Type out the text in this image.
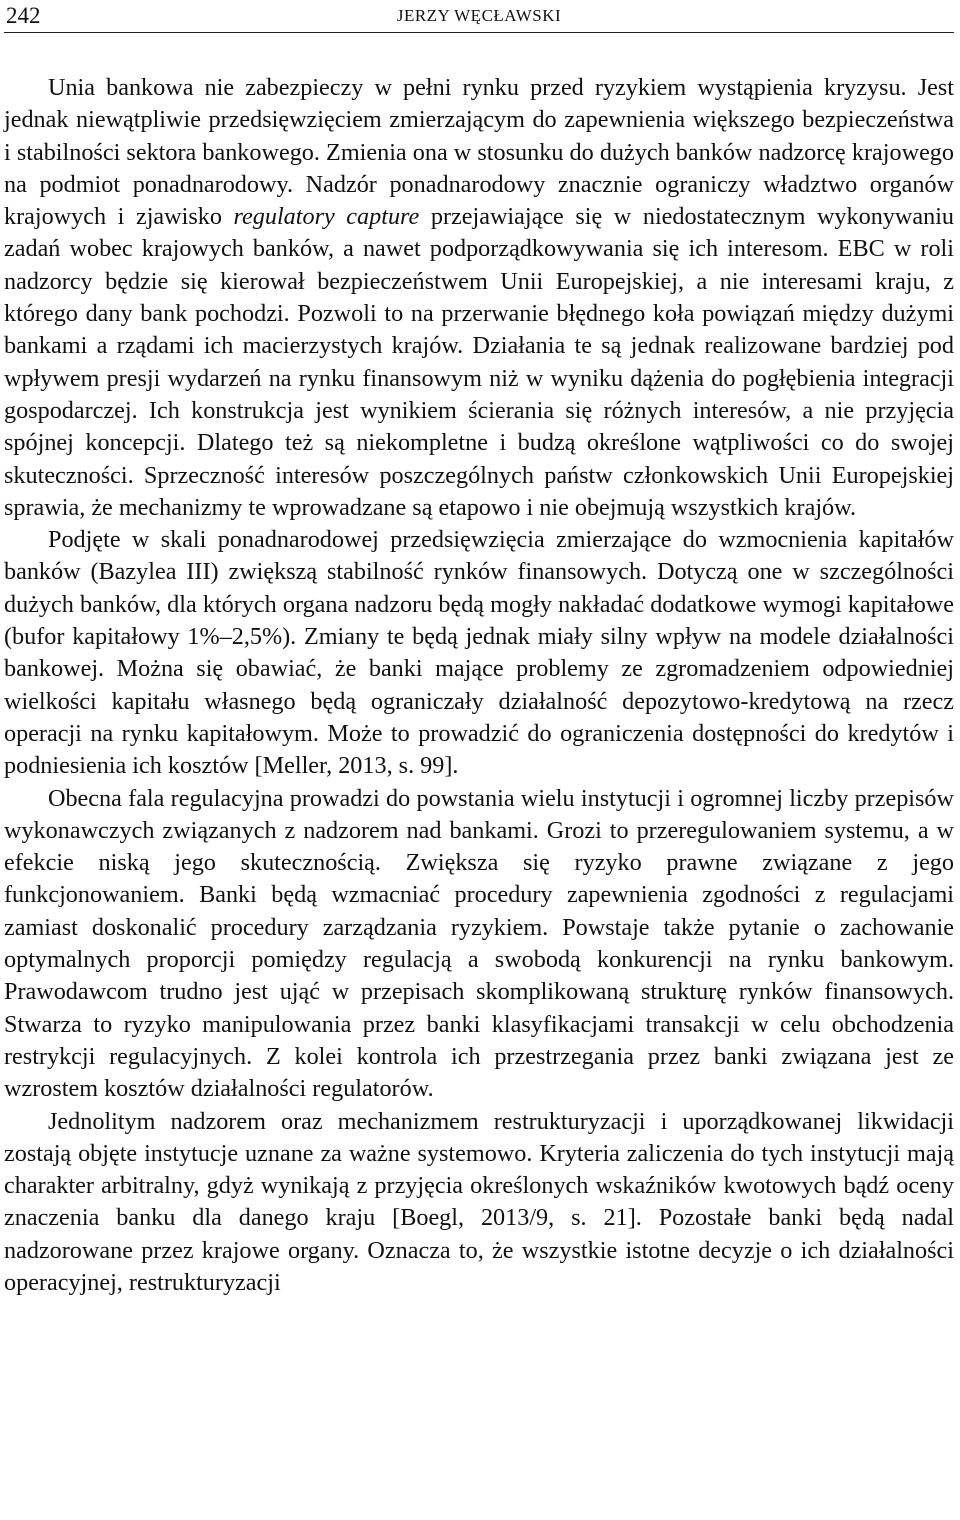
242	JERZY WĘCŁAWSKI

Unia bankowa nie zabezpieczy w pełni rynku przed ryzykiem wystąpienia kryzysu. Jest jednak niewątpliwie przedsięwzięciem zmierzającym do zapewnienia większego bezpieczeństwa i stabilności sektora bankowego. Zmienia ona w stosunku do dużych banków nadzorcę krajowego na podmiot ponadnarodowy. Nadzór ponadnarodowy znacznie ograniczy władztwo organów krajowych i zjawisko regulatory capture przejawiające się w niedostatecznym wykonywaniu zadań wobec krajowych banków, a nawet podporządkowywania się ich interesom. EBC w roli nadzorcy będzie się kierował bezpieczeństwem Unii Europejskiej, a nie interesami kraju, z którego dany bank pochodzi. Pozwoli to na przerwanie błędnego koła powiązań między dużymi bankami a rządami ich macierzystych krajów. Działania te są jednak realizowane bardziej pod wpływem presji wydarzeń na rynku finansowym niż w wyniku dążenia do pogłębienia integracji gospodarczej. Ich konstrukcja jest wynikiem ścierania się różnych interesów, a nie przyjęcia spójnej koncepcji. Dlatego też są niekompletne i budzą określone wątpliwości co do swojej skuteczności. Sprzeczność interesów poszczególnych państw członkowskich Unii Europejskiej sprawia, że mechanizmy te wprowadzane są etapowo i nie obejmują wszystkich krajów.

Podjęte w skali ponadnarodowej przedsięwzięcia zmierzające do wzmocnienia kapitałów banków (Bazylea III) zwiększą stabilność rynków finansowych. Dotyczą one w szczególności dużych banków, dla których organa nadzoru będą mogły nakładać dodatkowe wymogi kapitałowe (bufor kapitałowy 1%–2,5%). Zmiany te będą jednak miały silny wpływ na modele działalności bankowej. Można się obawiać, że banki mające problemy ze zgromadzeniem odpowiedniej wielkości kapitału własnego będą ograniczały działalność depozytowo-kredytową na rzecz operacji na rynku kapitałowym. Może to prowadzić do ograniczenia dostępności do kredytów i podniesienia ich kosztów [Meller, 2013, s. 99].

Obecna fala regulacyjna prowadzi do powstania wielu instytucji i ogromnej liczby przepisów wykonawczych związanych z nadzorem nad bankami. Grozi to przeregulowaniem systemu, a w efekcie niską jego skutecznością. Zwiększa się ryzyko prawne związane z jego funkcjonowaniem. Banki będą wzmacniać procedury zapewnienia zgodności z regulacjami zamiast doskonalić procedury zarządzania ryzykiem. Powstaje także pytanie o zachowanie optymalnych proporcji pomiędzy regulacją a swobodą konkurencji na rynku bankowym. Prawodawcom trudno jest ująć w przepisach skomplikowaną strukturę rynków finansowych. Stwarza to ryzyko manipulowania przez banki klasyfikacjami transakcji w celu obchodzenia restrykcji regulacyjnych. Z kolei kontrola ich przestrzegania przez banki związana jest ze wzrostem kosztów działalności regulatorów.

Jednolitym nadzorem oraz mechanizmem restrukturyzacji i uporządkowanej likwidacji zostają objęte instytucje uznane za ważne systemowo. Kryteria zaliczenia do tych instytucji mają charakter arbitralny, gdyż wynikają z przyjęcia określonych wskaźników kwotowych bądź oceny znaczenia banku dla danego kraju [Boegl, 2013/9, s. 21]. Pozostałe banki będą nadal nadzorowane przez krajowe organy. Oznacza to, że wszystkie istotne decyzje o ich działalności operacyjnej, restrukturyzacji
